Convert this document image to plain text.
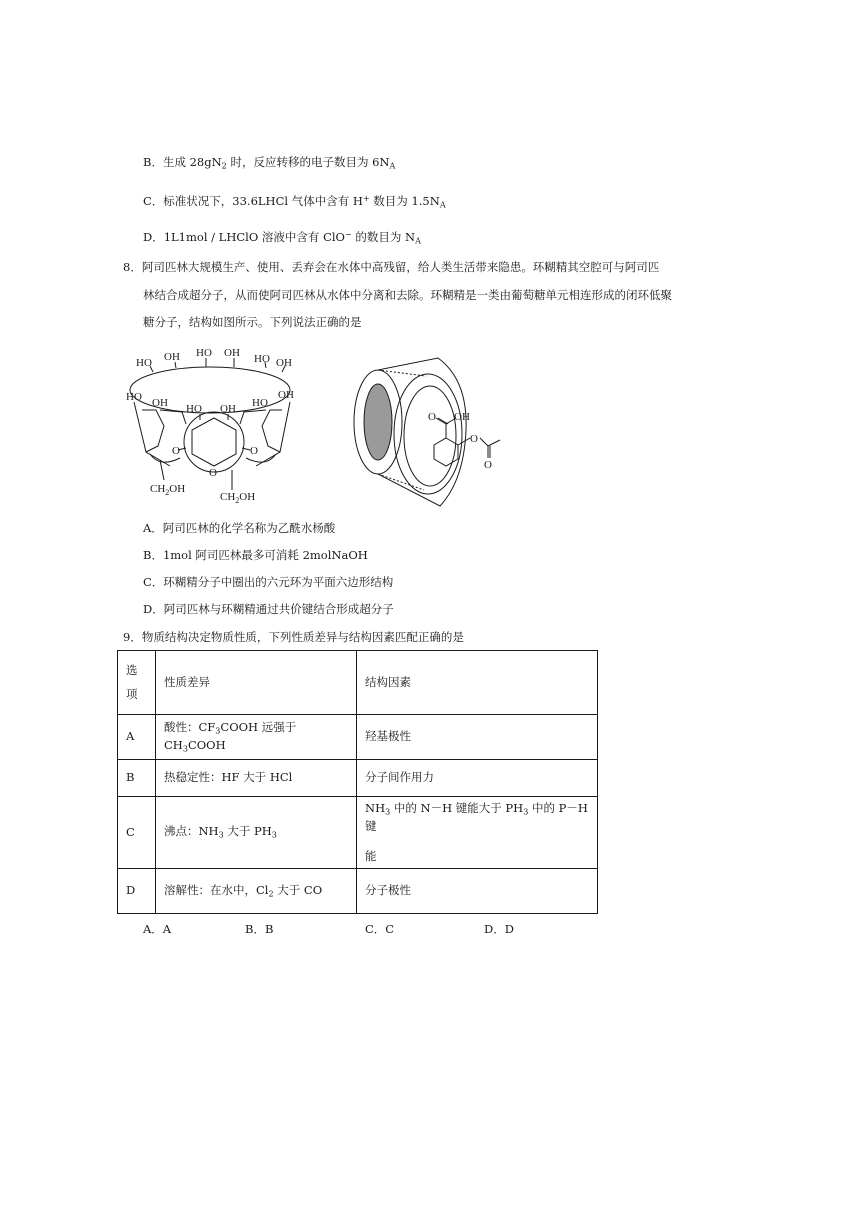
B．生成 $28gN_2$ 时，反应转移的电子数目为 $6N_A$
C．标准状况下，33.6LHCl 气体中含有 H+ 数目为 $1.5N_A$
D．1L1mol / LHClO 溶液中含有 ClO− 的数目为 $N_A$
8．阿司匹林大规模生产、使用、丢弃会在水体中高残留，给人类生活带来隐患。环糊精其空腔可与阿司匹
林结合成超分子，从而使阿司匹林从水体中分离和去除。环糊精是一类由葡萄糖单元相连形成的闭环低聚
糖分子，结构如图所示。下列说法正确的是
HO OH HO OH HO OH
HO OH HO OH HO
OH
O
O
O
$CH_2OH$
$CH_2OH$
O OH
O
O
A．阿司匹林的化学名称为乙酰水杨酸
B．1mol 阿司匹林最多可消耗 2molNaOH
C．环糊精分子中圈出的六元环为平面六边形结构
D．阿司匹林与环糊精通过共价键结合形成超分子
9．物质结构决定物质性质，下列性质差异与结构因素匹配正确的是
选
项	性质差异	结构因素
A	酸性：$CF_3COOH$ 远强于 $CH_3COOH$	羟基极性
B	热稳定性：HF 大于 HCl	分子间作用力
C	沸点：$NH_3$ 大于 $PH_3$	$NH_3$ 中的 N－H 键能大于 $PH_3$ 中的 P－H 键
能

D	溶解性：在水中，$Cl_2$ 大于 CO	分子极性
A．A	B．B	C．C	D．D
